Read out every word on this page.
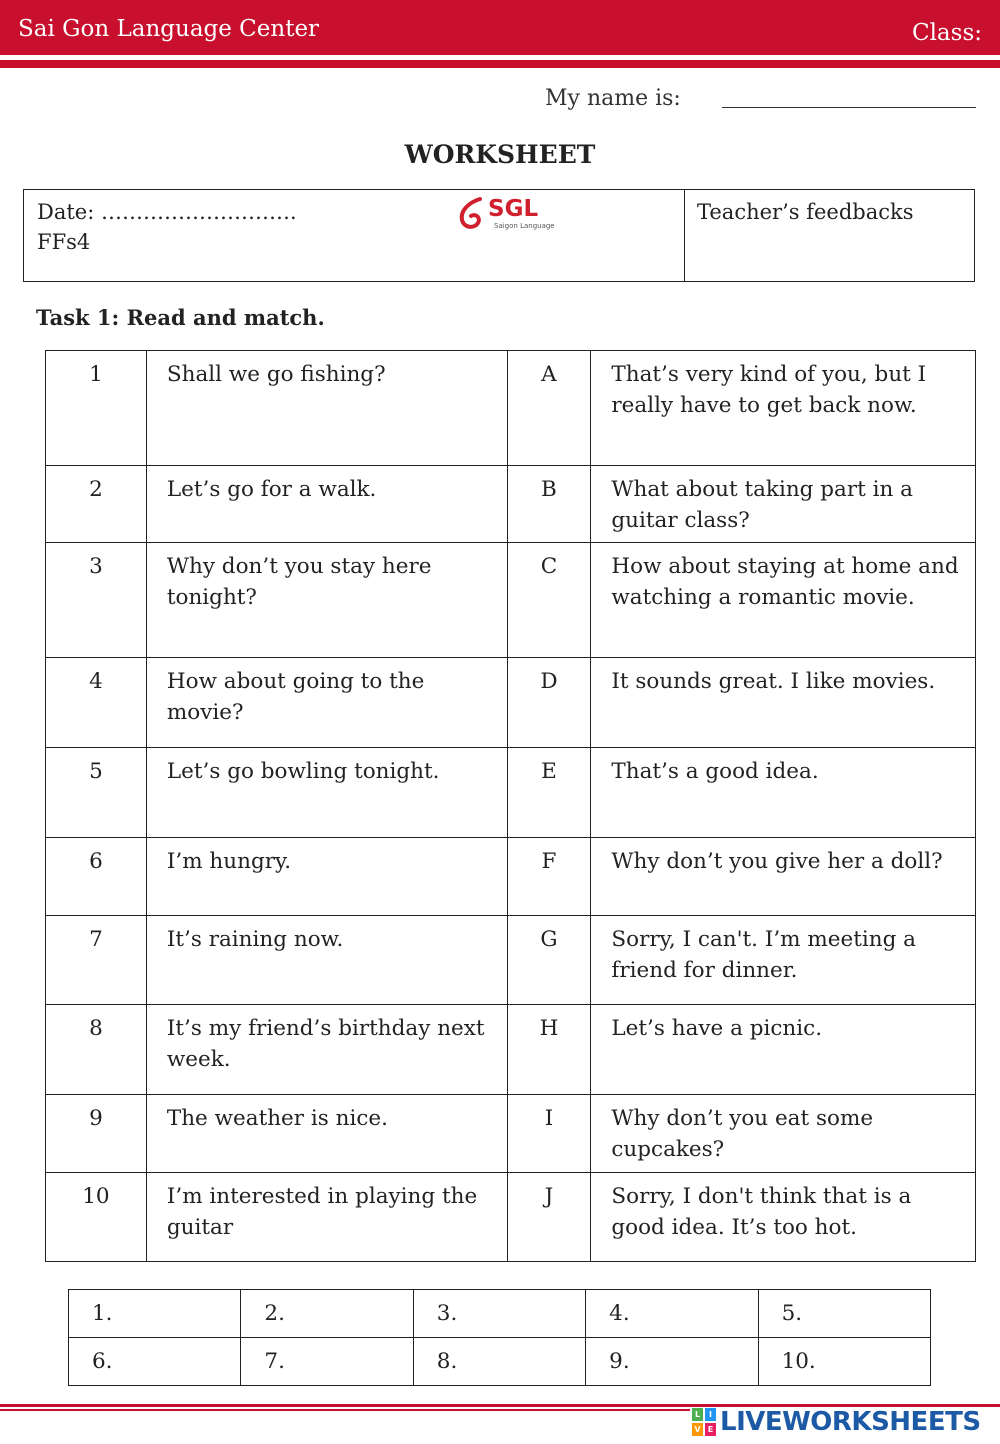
Sai Gon Language Center	Class:
My name is:
WORKSHEET
Date: ……………………….
FFs4
SGL
Saigon Language
Teacher’s feedbacks
Task 1: Read and match.
1	Shall we go fishing?	A	That’s very kind of you, but I really have to get back now.
2	Let’s go for a walk.	B	What about taking part in a guitar class?
3	Why don’t you stay here tonight?	C	How about staying at home and watching a romantic movie.
4	How about going to the movie?	D	It sounds great. I like movies.
5	Let’s go bowling tonight.	E	That’s a good idea.
6	I’m hungry.	F	Why don’t you give her a doll?
7	It’s raining now.	G	Sorry, I can't. I’m meeting a friend for dinner.
8	It’s my friend’s birthday next week.	H	Let’s have a picnic.
9	The weather is nice.	I	Why don’t you eat some cupcakes?
10	I’m interested in playing the guitar	J	Sorry, I don't think that is a good idea. It’s too hot.
1.	2.	3.	4.	5.
6.	7.	8.	9.	10.
L	I
V E LIVEWORKSHEETS
